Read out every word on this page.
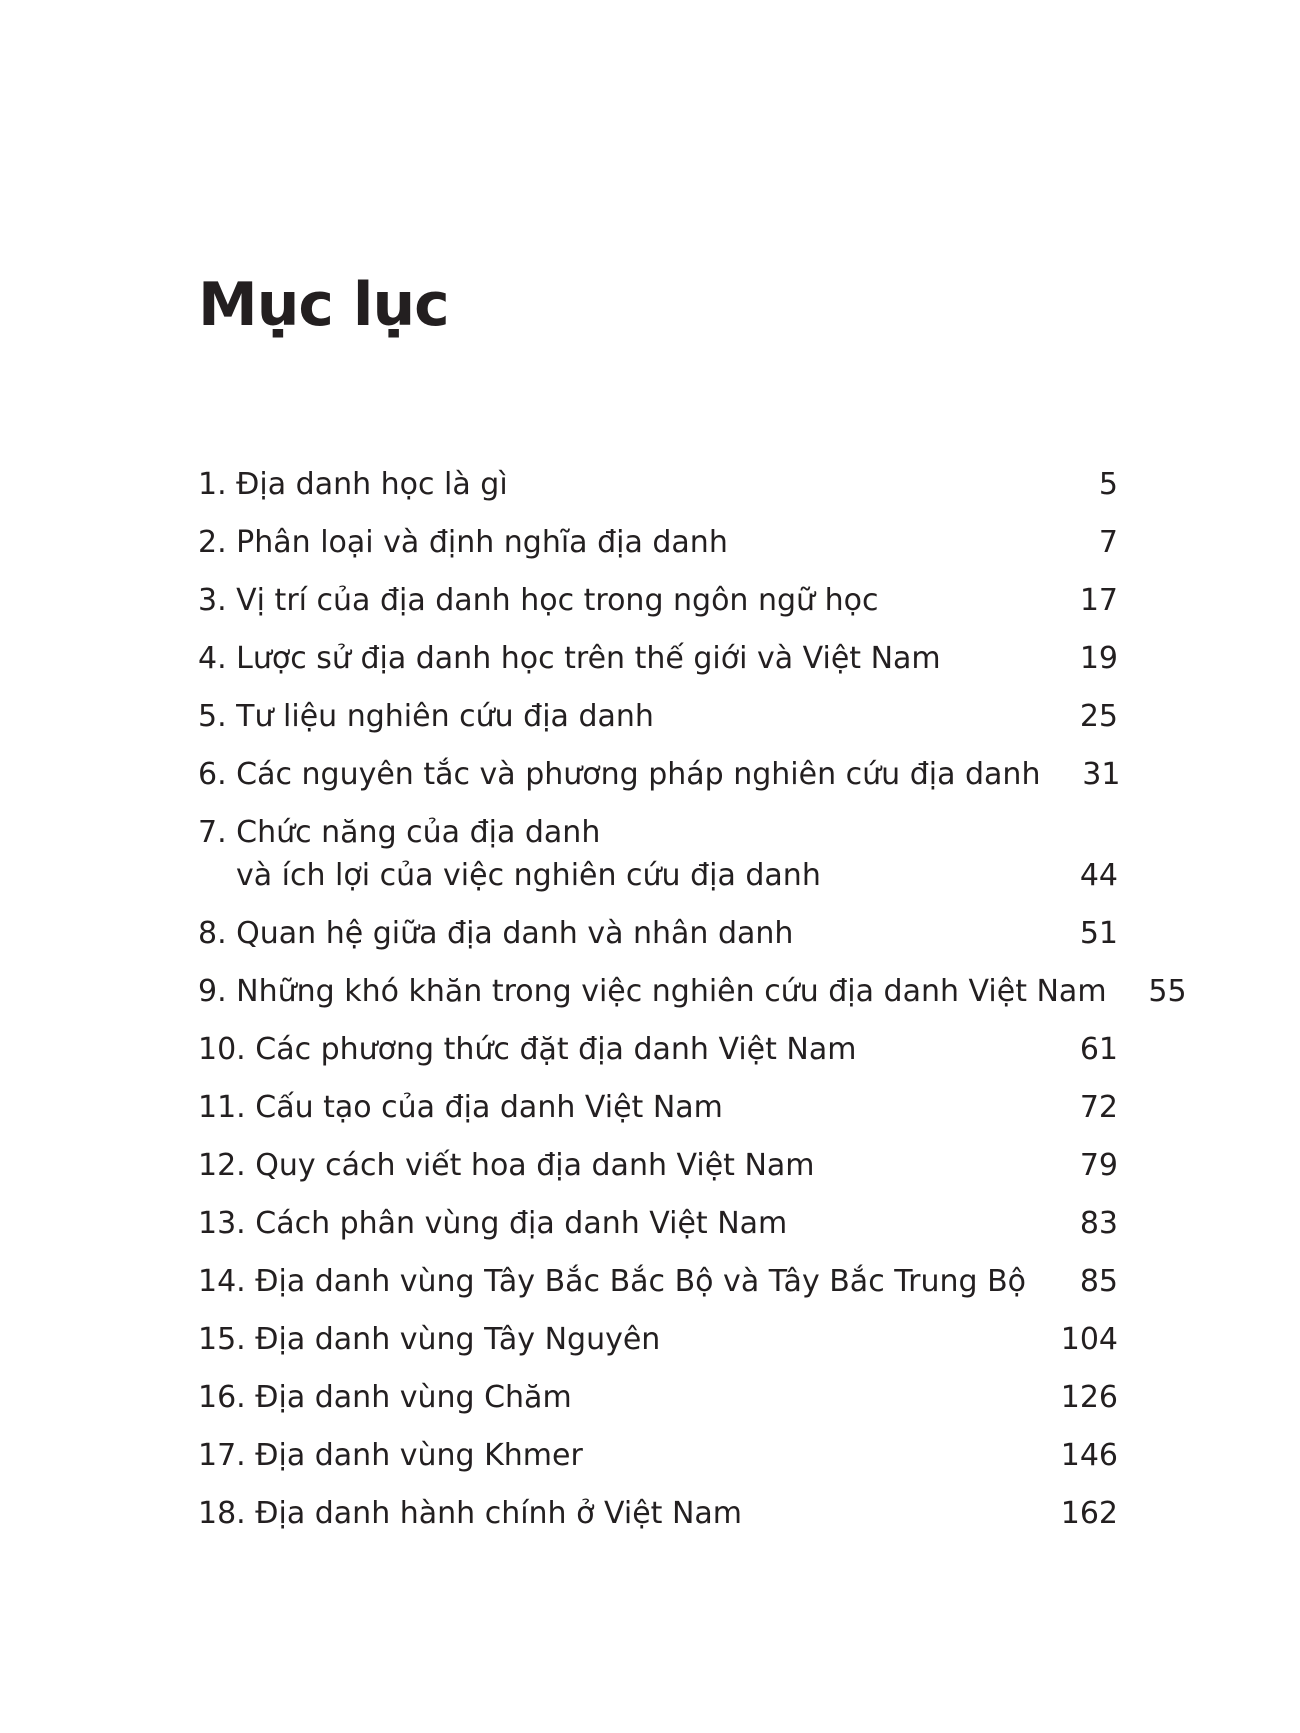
Mục lục
1. Địa danh học là gì	5
2. Phân loại và định nghĩa địa danh	7
3. Vị trí của địa danh học trong ngôn ngữ học	17
4. Lược sử địa danh học trên thế giới và Việt Nam	19
5. Tư liệu nghiên cứu địa danh	25
6. Các nguyên tắc và phương pháp nghiên cứu địa danh	31
7. Chức năng của địa danh
và ích lợi của việc nghiên cứu địa danh	44
8. Quan hệ giữa địa danh và nhân danh	51
9. Những khó khăn trong việc nghiên cứu địa danh Việt Nam	55
10. Các phương thức đặt địa danh Việt Nam	61
11. Cấu tạo của địa danh Việt Nam	72
12. Quy cách viết hoa địa danh Việt Nam	79
13. Cách phân vùng địa danh Việt Nam	83
14. Địa danh vùng Tây Bắc Bắc Bộ và Tây Bắc Trung Bộ	85
15. Địa danh vùng Tây Nguyên	104
16. Địa danh vùng Chăm	126
17. Địa danh vùng Khmer	146
18. Địa danh hành chính ở Việt Nam	162
